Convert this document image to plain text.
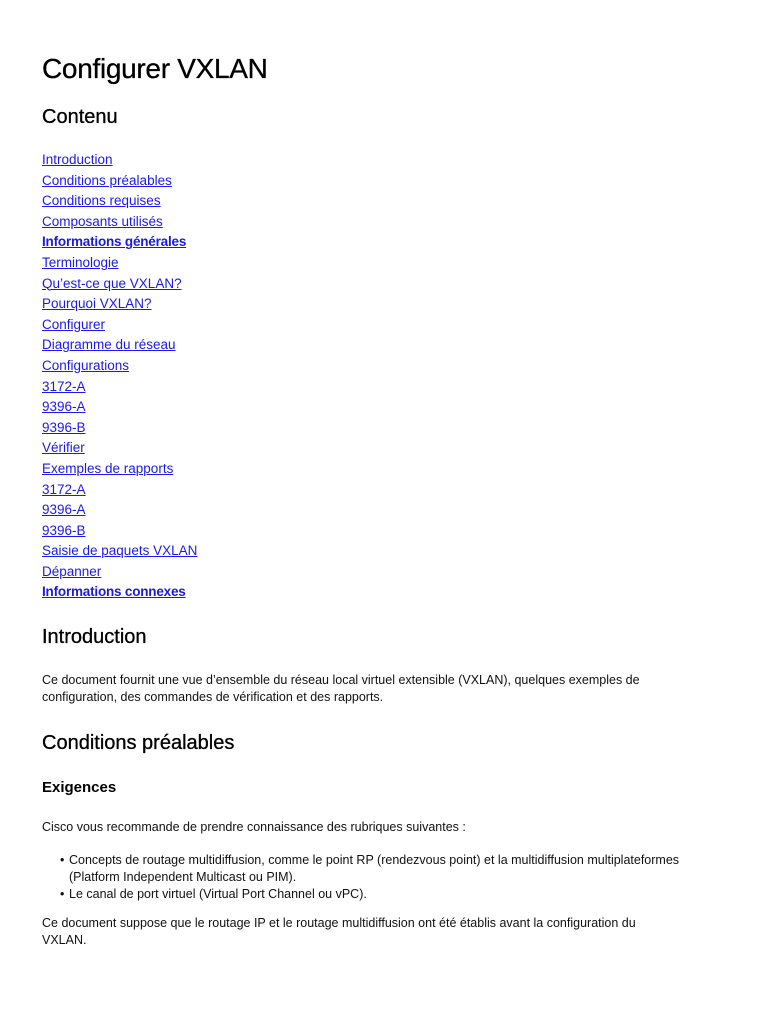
Configurer VXLAN
Contenu
Introduction
Conditions préalables
Conditions requises
Composants utilisés
Informations générales
Terminologie
Qu’est-ce que VXLAN?
Pourquoi VXLAN?
Configurer
Diagramme du réseau
Configurations
3172-A
9396-A
9396-B
Vérifier
Exemples de rapports
3172-A
9396-A
9396-B
Saisie de paquets VXLAN
Dépanner
Informations connexes
Introduction

Ce document fournit une vue d’ensemble du réseau local virtuel extensible (VXLAN), quelques exemples de configuration, des commandes de vérification et des rapports.

Conditions préalables
Exigences

Cisco vous recommande de prendre connaissance des rubriques suivantes :

• Concepts de routage multidiffusion, comme le point RP (rendezvous point) et la multidiffusion multiplateformes (Platform Independent Multicast ou PIM).
• Le canal de port virtuel (Virtual Port Channel ou vPC).

Ce document suppose que le routage IP et le routage multidiffusion ont été établis avant la configuration du VXLAN.
